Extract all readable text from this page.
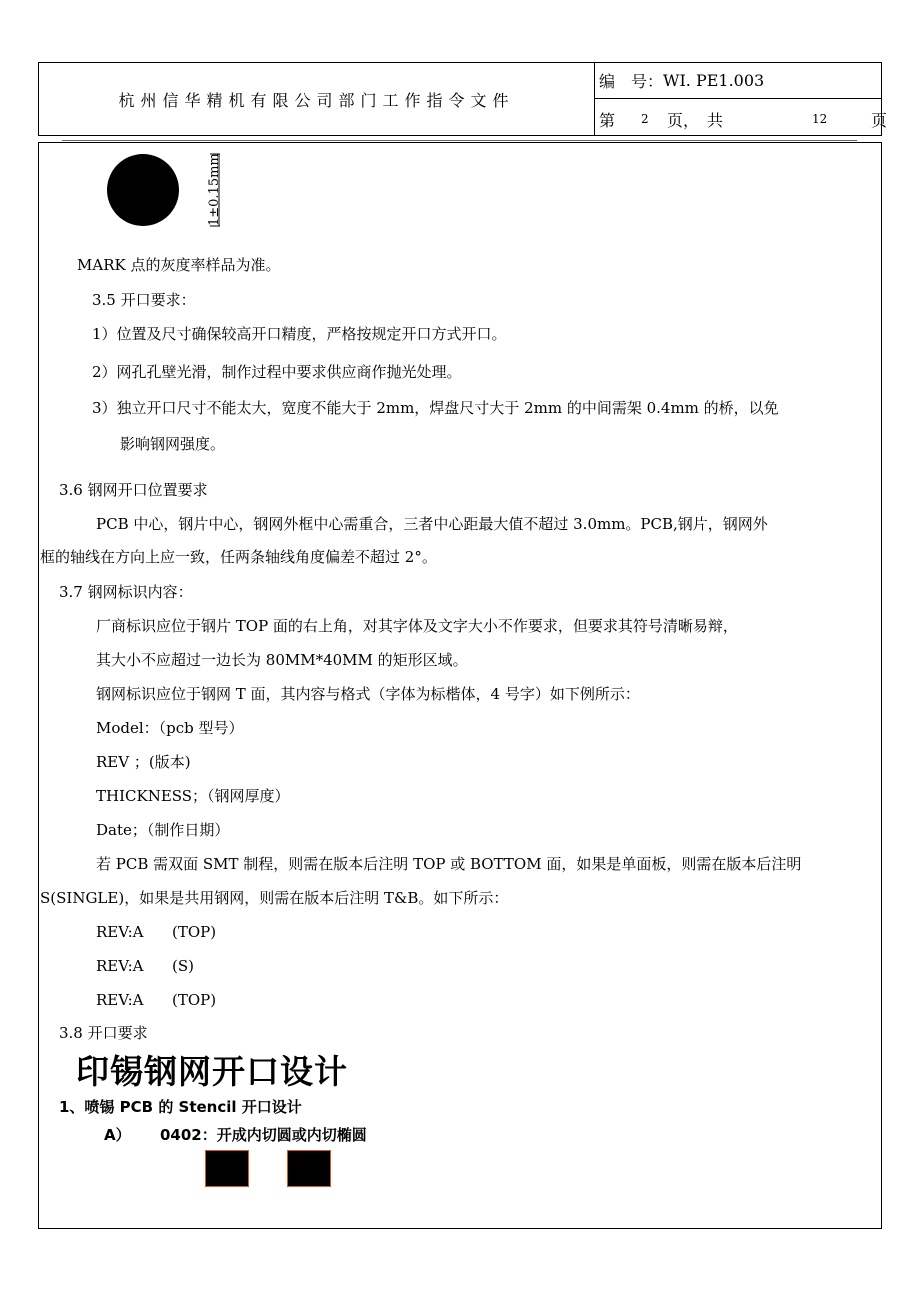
杭州信华精机有限公司部门工作指令文件
编　号： WI. PE1.003
第 2 页，　共	12	页
1±0.15mm
MARK 点的灰度率样品为准。
3.5 开口要求：
1）位置及尺寸确保较高开口精度，严格按规定开口方式开口。
2）网孔孔壁光滑，制作过程中要求供应商作抛光处理。
3）独立开口尺寸不能太大，宽度不能大于 2mm，焊盘尺寸大于 2mm 的中间需架 0.4mm 的桥，以免
影响钢网强度。
3.6 钢网开口位置要求
PCB 中心，钢片中心，钢网外框中心需重合，三者中心距最大值不超过 3.0mm。PCB,钢片，钢网外
框的轴线在方向上应一致，任两条轴线角度偏差不超过 2°。
3.7 钢网标识内容：
厂商标识应位于钢片 TOP 面的右上角，对其字体及文字大小不作要求，但要求其符号清晰易辩，
其大小不应超过一边长为 80MM*40MM 的矩形区域。
钢网标识应位于钢网 T 面，其内容与格式（字体为标楷体，4 号字）如下例所示：
Model：（pcb 型号）
REV ；(版本)
THICKNESS；（钢网厚度）
Date；（制作日期）
若 PCB 需双面 SMT 制程，则需在版本后注明 TOP 或 BOTTOM 面，如果是单面板，则需在版本后注明
S(SINGLE)，如果是共用钢网，则需在版本后注明 T&B。如下所示：
REV:A (TOP)
REV:A (S)
REV:A (TOP)
3.8 开口要求
印锡钢网开口设计
1、喷锡 PCB 的 Stencil 开口设计
A） 0402：开成内切圆或内切椭圆
